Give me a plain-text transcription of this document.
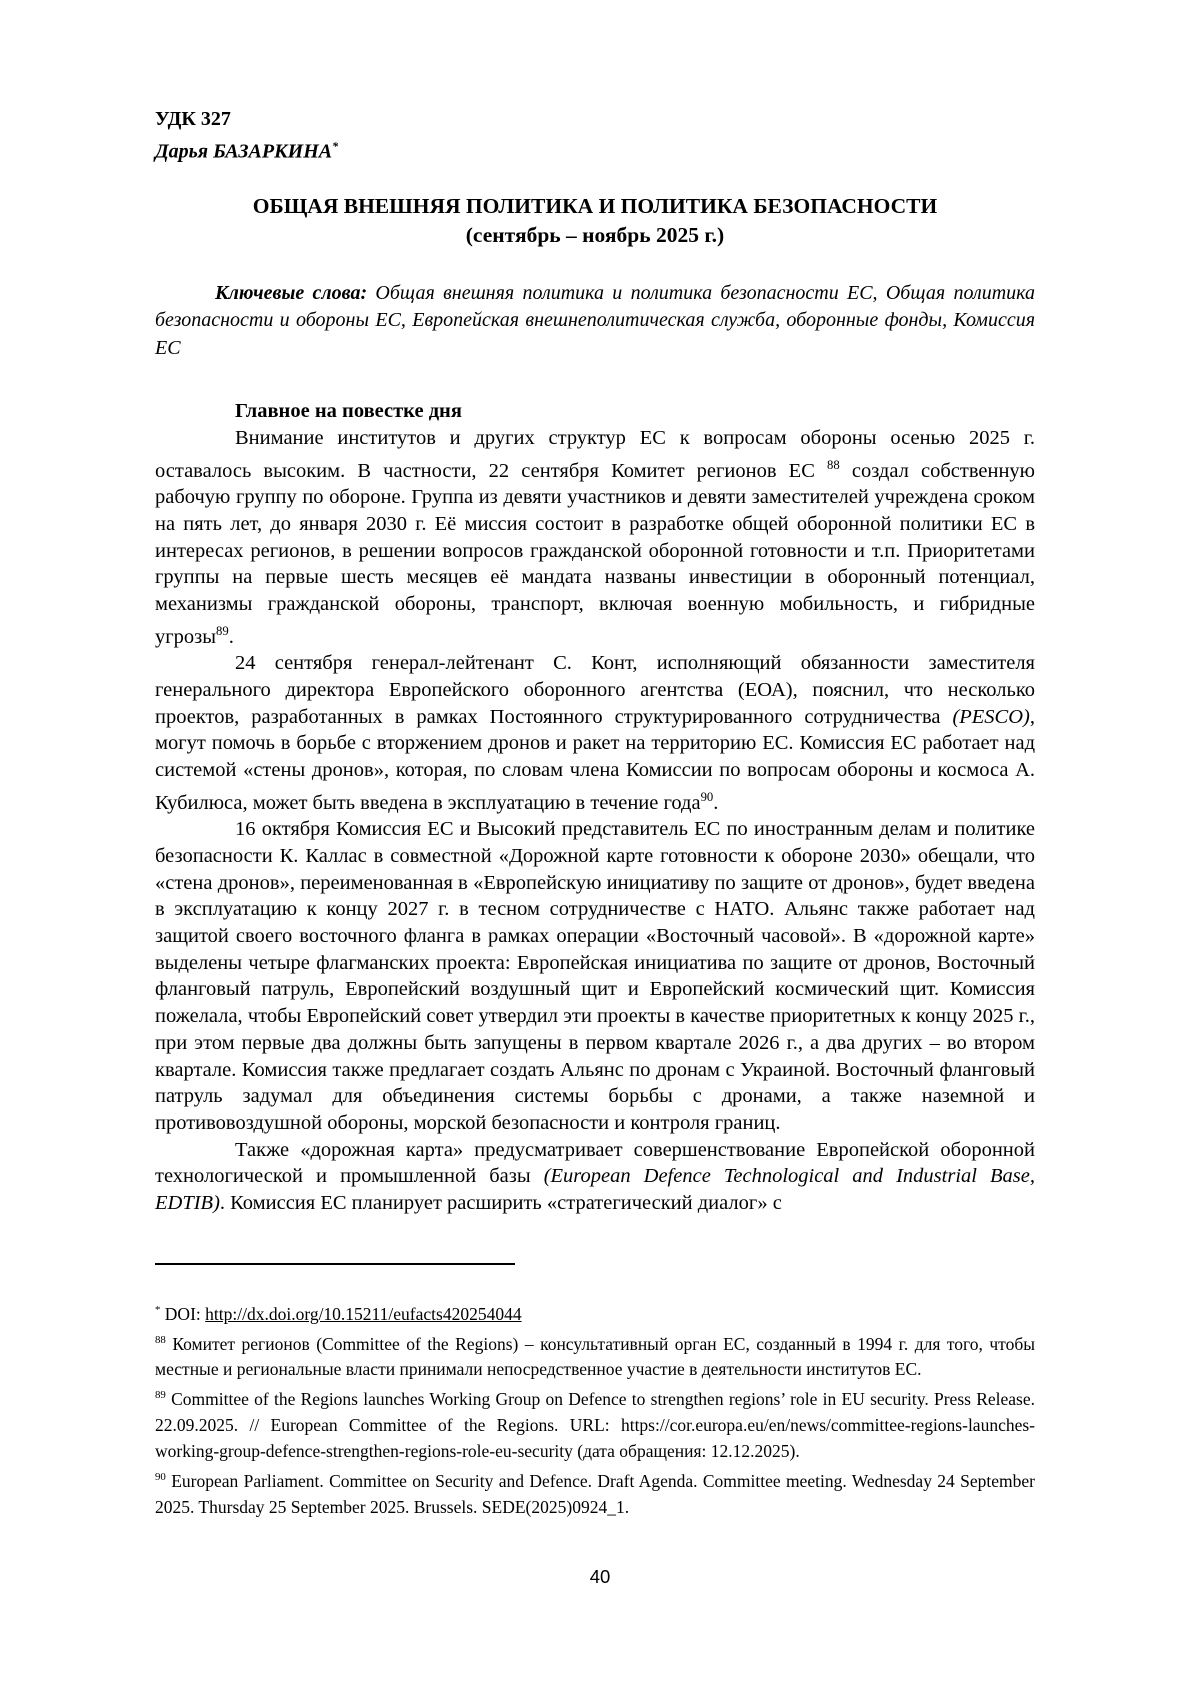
УДК 327
Дарья БАЗАРКИНА*
ОБЩАЯ ВНЕШНЯЯ ПОЛИТИКА И ПОЛИТИКА БЕЗОПАСНОСТИ
(сентябрь – ноябрь 2025 г.)

Ключевые слова: Общая внешняя политика и политика безопасности ЕС, Общая политика безопасности и обороны ЕС, Европейская внешнеполитическая служба, оборонные фонды, Комиссия ЕС

Главное на повестке дня

Внимание институтов и других структур ЕС к вопросам обороны осенью 2025 г. оставалось высоким. В частности, 22 сентября Комитет регионов ЕС $^{88}$ создал собственную рабочую группу по обороне. Группа из девяти участников и девяти заместителей учреждена сроком на пять лет, до января 2030 г. Её миссия состоит в разработке общей оборонной политики ЕС в интересах регионов, в решении вопросов гражданской оборонной готовности и т.п. Приоритетами группы на первые шесть месяцев её мандата названы инвестиции в оборонный потенциал, механизмы гражданской обороны, транспорт, включая военную мобильность, и гибридные угрозы$^{89}$.

24 сентября генерал-лейтенант С. Конт, исполняющий обязанности заместителя генерального директора Европейского оборонного агентства (ЕОА), пояснил, что несколько проектов, разработанных в рамках Постоянного структурированного сотрудничества (PESCO), могут помочь в борьбе с вторжением дронов и ракет на территорию ЕС. Комиссия ЕС работает над системой «стены дронов», которая, по словам члена Комиссии по вопросам обороны и космоса А. Кубилюса, может быть введена в эксплуатацию в течение года$^{90}$.

16 октября Комиссия ЕС и Высокий представитель ЕС по иностранным делам и политике безопасности К. Каллас в совместной «Дорожной карте готовности к обороне 2030» обещали, что «стена дронов», переименованная в «Европейскую инициативу по защите от дронов», будет введена в эксплуатацию к концу 2027 г. в тесном сотрудничестве с НАТО. Альянс также работает над защитой своего восточного фланга в рамках операции «Восточный часовой». В «дорожной карте» выделены четыре флагманских проекта: Европейская инициатива по защите от дронов, Восточный фланговый патруль, Европейский воздушный щит и Европейский космический щит. Комиссия пожелала, чтобы Европейский совет утвердил эти проекты в качестве приоритетных к концу 2025 г., при этом первые два должны быть запущены в первом квартале 2026 г., а два других – во втором квартале. Комиссия также предлагает создать Альянс по дронам с Украиной. Восточный фланговый патруль задумал для объединения системы борьбы с дронами, а также наземной и противовоздушной обороны, морской безопасности и контроля границ.

Также «дорожная карта» предусматривает совершенствование Европейской оборонной технологической и промышленной базы (European Defence Technological and Industrial Base, EDTIB). Комиссия ЕС планирует расширить «стратегический диалог» с

* DOI: http://dx.doi.org/10.15211/eufacts420254044

$^{88}$ Комитет регионов (Committee of the Regions) – консультативный орган ЕС, созданный в 1994 г. для того, чтобы местные и региональные власти принимали непосредственное участие в деятельности институтов ЕС.

$^{89}$ Committee of the Regions launches Working Group on Defence to strengthen regions’ role in EU security. Press Release. 22.09.2025. // European Committee of the Regions. URL: https://cor.europa.eu/en/news/committee-regions-launches-working-group-defence-strengthen-regions-role-eu-security (дата обращения: 12.12.2025).

$^{90}$ European Parliament. Committee on Security and Defence. Draft Agenda. Committee meeting. Wednesday 24 September 2025. Thursday 25 September 2025. Brussels. SEDE(2025)0924_1.

40
